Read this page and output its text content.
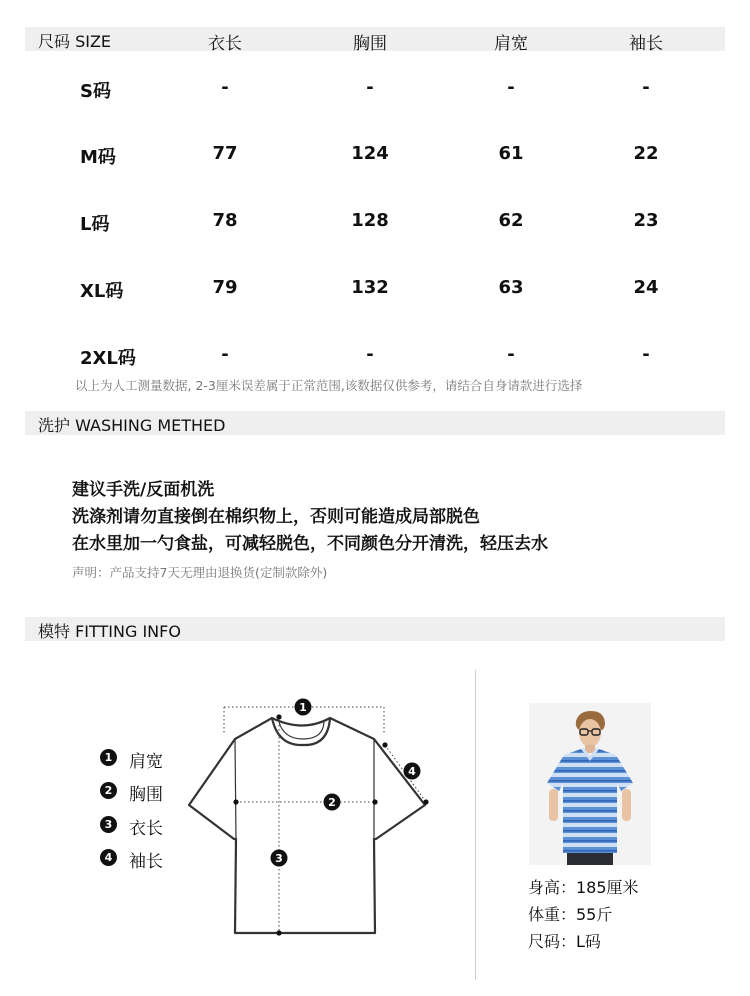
尺码 SIZE	衣长	胸围	肩宽	袖长
S码	-	-	-	-
M码	77	124	61	22
L码	78	128	62	23
XL码	79	132	63	24
2XL码	-	-	-	-
以上为人工测量数据, 2-3厘米误差属于正常范围,该数据仅供参考，请结合自身请款进行选择
洗护 WASHING METHED
建议手洗/反面机洗
洗涤剂请勿直接倒在棉织物上，否则可能造成局部脱色
在水里加一勺食盐，可减轻脱色，不同颜色分开清洗，轻压去水
声明：产品支持7天无理由退换货(定制款除外)
模特 FITTING INFO
1 肩宽
2 胸围
3 衣长
4 袖长
1
2
3
4
身高：185厘米
体重：55斤
尺码：L码
